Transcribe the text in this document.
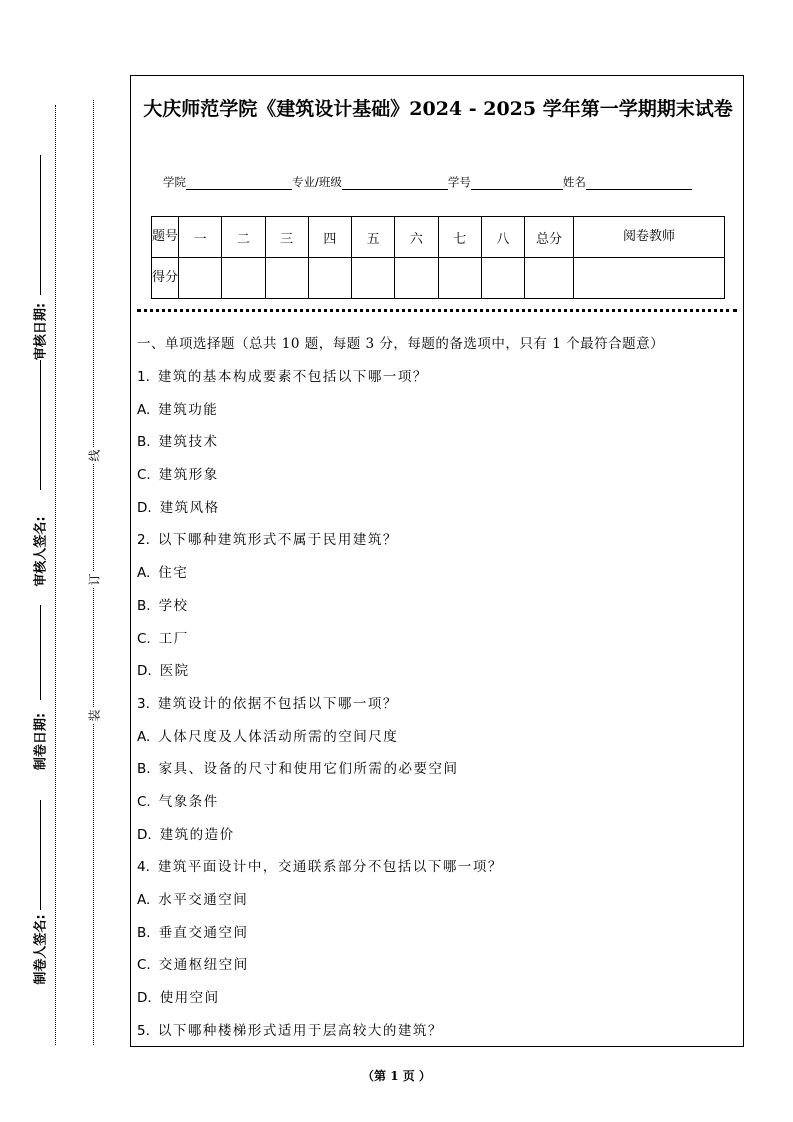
审核日期:
审核人签名:
制卷日期:
制卷人签名:
线
订
装
大庆师范学院《建筑设计基础》2024 - 2025 学年第一学期期末试卷
学院	专业/班级	学号	姓名
题号	一	二	三	四	五	六	七	八	总分	阅卷教师
得分										
一、单项选择题（总共 10 题，每题 3 分，每题的备选项中，只有 1 个最符合题意）
1. 建筑的基本构成要素不包括以下哪一项？
A. 建筑功能
B. 建筑技术
C. 建筑形象
D. 建筑风格
2. 以下哪种建筑形式不属于民用建筑？
A. 住宅
B. 学校
C. 工厂
D. 医院
3. 建筑设计的依据不包括以下哪一项？
A. 人体尺度及人体活动所需的空间尺度
B. 家具、设备的尺寸和使用它们所需的必要空间
C. 气象条件
D. 建筑的造价
4. 建筑平面设计中，交通联系部分不包括以下哪一项？
A. 水平交通空间
B. 垂直交通空间
C. 交通枢纽空间
D. 使用空间
5. 以下哪种楼梯形式适用于层高较大的建筑？
（第 1 页 ）
